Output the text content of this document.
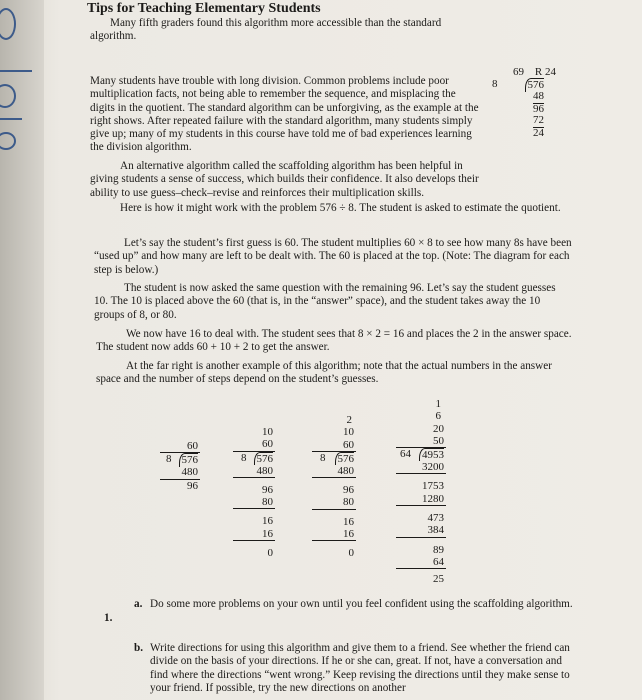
Tips for Teaching Elementary Students
Many fifth graders found this algorithm more accessible than the standard algorithm.
Many students have trouble with long division. Common problems include poor multiplication facts, not being able to remember the sequence, and misplacing the digits in the quotient. The standard algorithm can be unforgiving, as the example at the right shows. After repeated failure with the standard algorithm, many students simply give up; many of my students in this course have told me of bad experiences learning the division algorithm.
69 R 24
8	576
48
96
72
24
An alternative algorithm called the scaffolding algorithm has been helpful in giving students a sense of success, which builds their confidence. It also develops their ability to use guess–check–revise and reinforces their multiplication skills.
Here is how it might work with the problem 576 ÷ 8. The student is asked to estimate the quotient.
Let’s say the student’s first guess is 60. The student multiplies 60 × 8 to see how many 8s have been “used up” and how many are left to be dealt with. The 60 is placed at the top. (Note: The diagram for each step is below.)
The student is now asked the same question with the remaining 96. Let’s say the student guesses 10. The 10 is placed above the 60 (that is, in the “answer” space), and the student takes away the 10 groups of 8, or 80.
We now have 16 to deal with. The student sees that 8 × 2 = 16 and places the 2 in the answer space. The student now adds 60 + 10 + 2 to get the answer.
At the far right is another example of this algorithm; note that the actual numbers in the answer space and the number of steps depend on the student’s guesses.
60
8 576
480
96
10
60
8 576
480
96
80
16
16
0
2
10
60
8 576
480
96
80
16
16
0
1
6
20
50
64 4953
3200
1753
1280
473
384
89
64
25
1.
a. Do some more problems on your own until you feel confident using the scaffolding algorithm.
b. Write directions for using this algorithm and give them to a friend. See whether the friend can divide on the basis of your directions. If he or she can, great. If not, have a conversation and find where the directions “went wrong.” Keep revising the directions until they make sense to your friend. If possible, try the new directions on another
